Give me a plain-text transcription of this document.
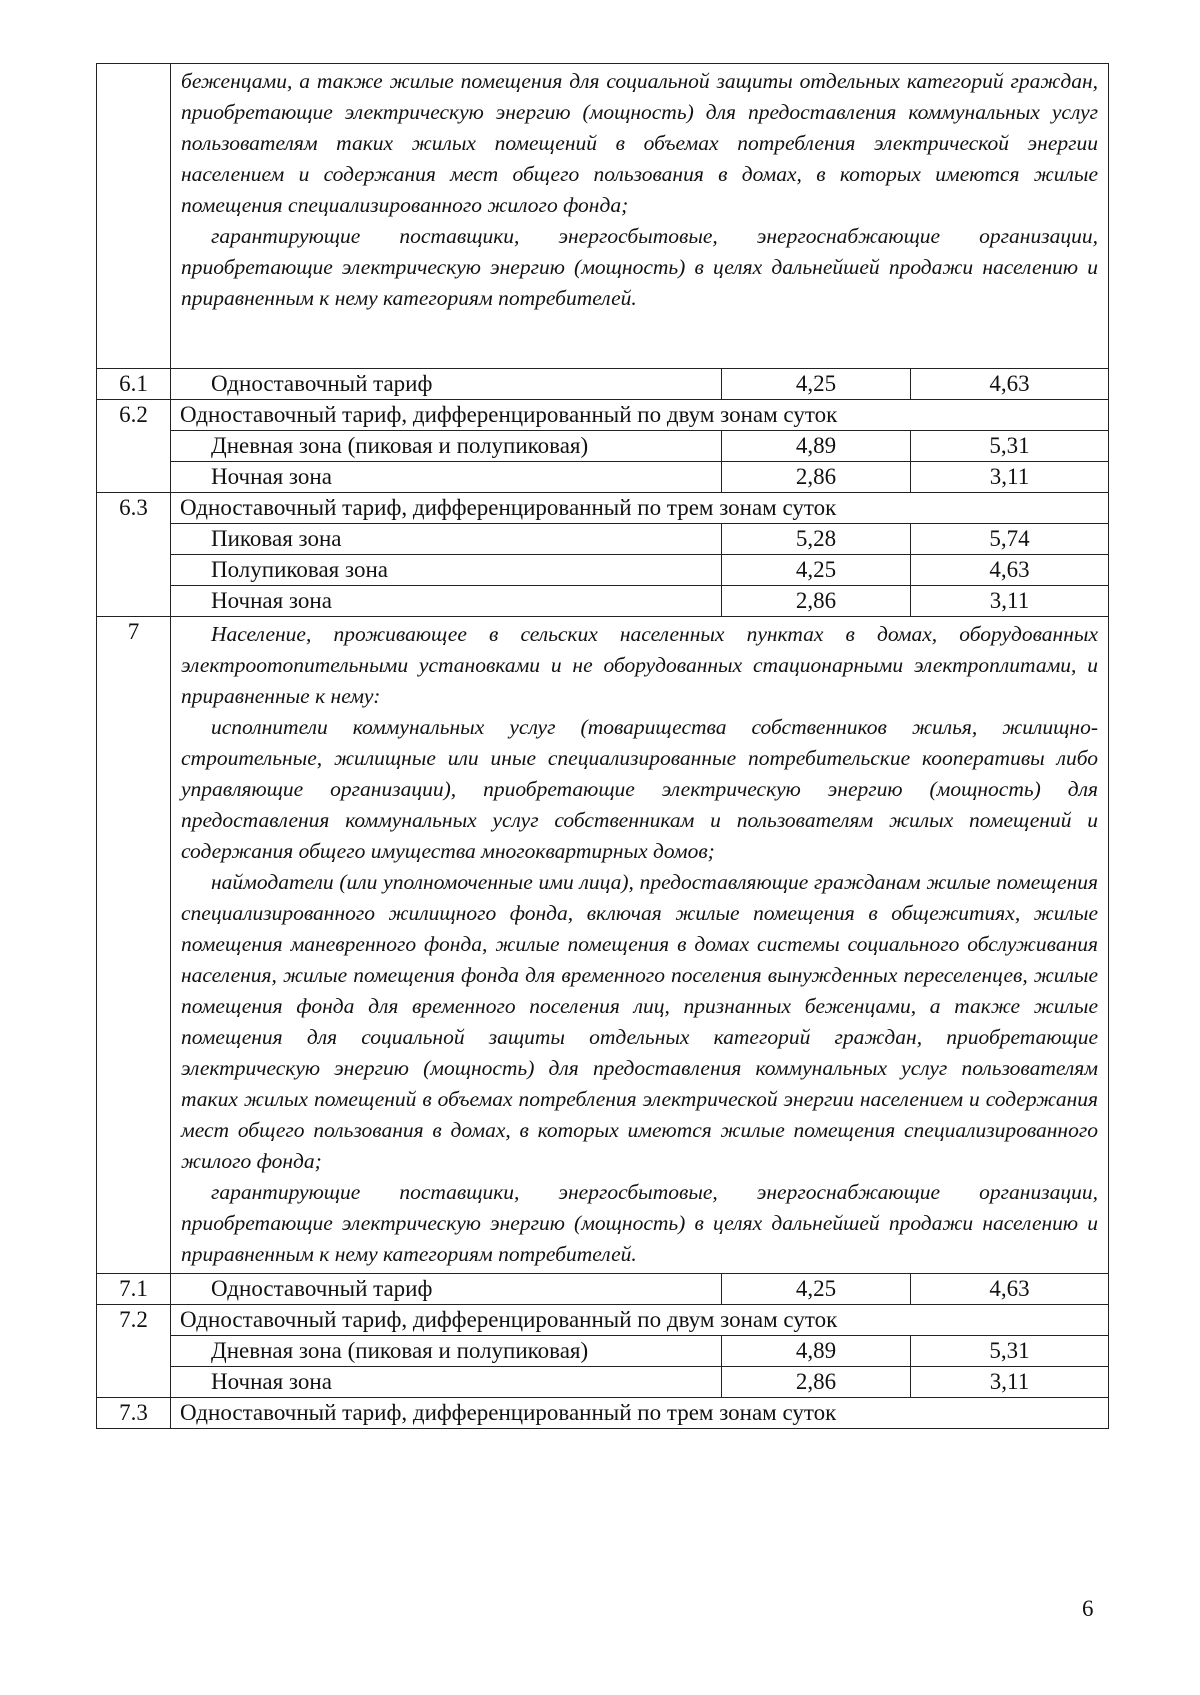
	беженцами, а также жилые помещения для социальной защиты отдельных категорий граждан, приобретающие электрическую энергию (мощность) для предоставления коммунальных услуг пользователям таких жилых помещений в объемах потребления электрической энергии населением и содержания мест общего пользования в домах, в которых имеются жилые помещения специализированного жилого фонда;

гарантирующие поставщики, энергосбытовые, энергоснабжающие организации, приобретающие электрическую энергию (мощность) в целях дальнейшей продажи населению и приравненным к нему категориям потребителей.		

6.1	Одноставочный тариф	4,25	4,63
6.2	Одноставочный тариф, дифференцированный по двум зонам суток		

	Дневная зона (пиковая и полупиковая)	4,89	5,31

	Ночная зона	2,86	3,11
6.3	Одноставочный тариф, дифференцированный по трем зонам суток		

	Пиковая зона	5,28	5,74

	Полупиковая зона	4,25	4,63

	Ночная зона	2,86	3,11
7	Население, проживающее в сельских населенных пунктах в домах, оборудованных электроотопительными установками и не оборудованных стационарными электроплитами, и приравненные к нему:

исполнители коммунальных услуг (товарищества собственников жилья, жилищно-строительные, жилищные или иные специализированные потребительские кооперативы либо управляющие организации), приобретающие электрическую энергию (мощность) для предоставления коммунальных услуг собственникам и пользователям жилых помещений и содержания общего имущества многоквартирных домов;

наймодатели (или уполномоченные ими лица), предоставляющие гражданам жилые помещения специализированного жилищного фонда, включая жилые помещения в общежитиях, жилые помещения маневренного фонда, жилые помещения в домах системы социального обслуживания населения, жилые помещения фонда для временного поселения вынужденных переселенцев, жилые помещения фонда для временного поселения лиц, признанных беженцами, а также жилые помещения для социальной защиты отдельных категорий граждан, приобретающие электрическую энергию (мощность) для предоставления коммунальных услуг пользователям таких жилых помещений в объемах потребления электрической энергии населением и содержания мест общего пользования в домах, в которых имеются жилые помещения специализированного жилого фонда;

гарантирующие поставщики, энергосбытовые, энергоснабжающие организации, приобретающие электрическую энергию (мощность) в целях дальнейшей продажи населению и приравненным к нему категориям потребителей.		

7.1	Одноставочный тариф	4,25	4,63
7.2	Одноставочный тариф, дифференцированный по двум зонам суток		

	Дневная зона (пиковая и полупиковая)	4,89	5,31

	Ночная зона	2,86	3,11
7.3	Одноставочный тариф, дифференцированный по трем зонам суток		
6
